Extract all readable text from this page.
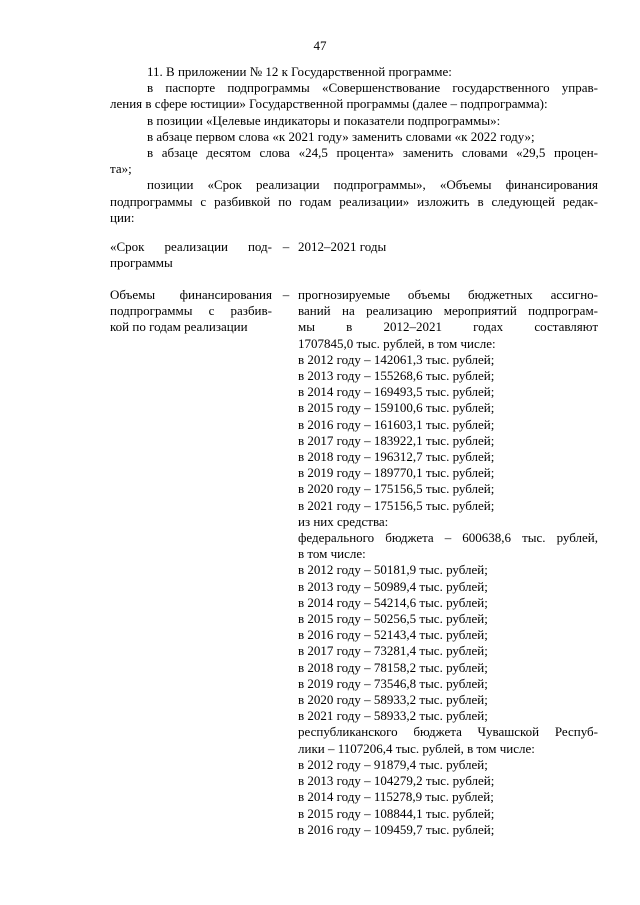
47

11. В приложении № 12 к Государственной программе:

в паспорте подпрограммы «Совершенствование государственного управ-

ления в сфере юстиции» Государственной программы (далее – подпрограмма):

в позиции «Целевые индикаторы и показатели подпрограммы»:

в абзаце первом слова «к 2021 году» заменить словами «к 2022 году»;

в абзаце десятом слова «24,5 процента» заменить словами «29,5 процен-

та»;

позиции «Срок реализации подпрограммы», «Объемы финансирования

подпрограммы с разбивкой по годам реализации» изложить в следующей редак-

ции:

«Срок реализации под-
программы
– 2012–2021 годы
Объемы финансирования
подпрограммы с разбив-
кой по годам реализации
– прогнозируемые объемы бюджетных ассигно-
ваний на реализацию мероприятий подпрограм-
мы в 2012–2021 годах составляют
1707845,0 тыс. рублей, в том числе:
в 2012 году – 142061,3 тыс. рублей;
в 2013 году – 155268,6 тыс. рублей;
в 2014 году – 169493,5 тыс. рублей;
в 2015 году – 159100,6 тыс. рублей;
в 2016 году – 161603,1 тыс. рублей;
в 2017 году – 183922,1 тыс. рублей;
в 2018 году – 196312,7 тыс. рублей;
в 2019 году – 189770,1 тыс. рублей;
в 2020 году – 175156,5 тыс. рублей;
в 2021 году – 175156,5 тыс. рублей;
из них средства:
федерального бюджета – 600638,6 тыс. рублей,
в том числе:
в 2012 году – 50181,9 тыс. рублей;
в 2013 году – 50989,4 тыс. рублей;
в 2014 году – 54214,6 тыс. рублей;
в 2015 году – 50256,5 тыс. рублей;
в 2016 году – 52143,4 тыс. рублей;
в 2017 году – 73281,4 тыс. рублей;
в 2018 году – 78158,2 тыс. рублей;
в 2019 году – 73546,8 тыс. рублей;
в 2020 году – 58933,2 тыс. рублей;
в 2021 году – 58933,2 тыс. рублей;
республиканского бюджета Чувашской Респуб-
лики – 1107206,4 тыс. рублей, в том числе:
в 2012 году – 91879,4 тыс. рублей;
в 2013 году – 104279,2 тыс. рублей;
в 2014 году – 115278,9 тыс. рублей;
в 2015 году – 108844,1 тыс. рублей;
в 2016 году – 109459,7 тыс. рублей;
